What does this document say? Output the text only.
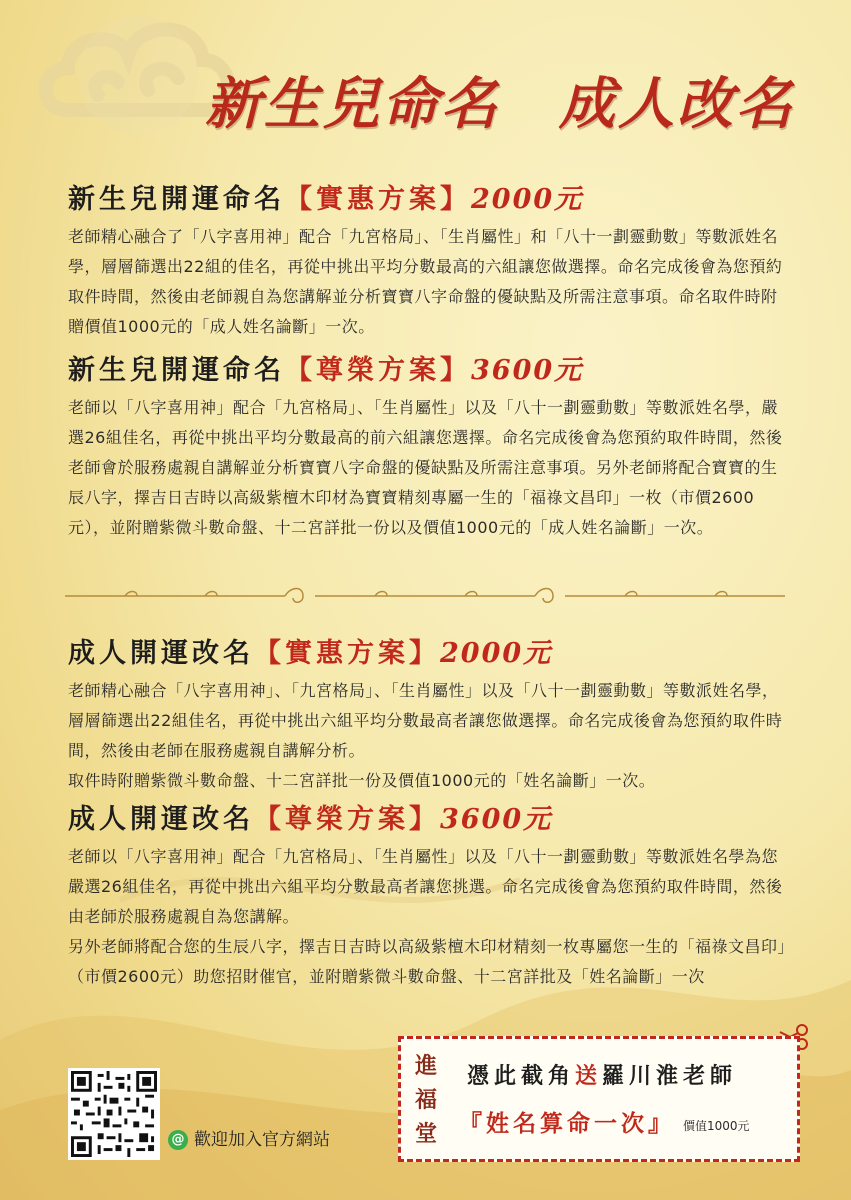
新生兒命名　成人改名
新生兒開運命名【實惠方案】2000元

老師精心融合了「八字喜用神」配合「九宮格局」、「生肖屬性」和「八十一劃靈動數」等數派姓名學，層層篩選出22組的佳名，再從中挑出平均分數最高的六組讓您做選擇。命名完成後會為您預約取件時間，然後由老師親自為您講解並分析寶寶八字命盤的優缺點及所需注意事項。命名取件時附贈價值1000元的「成人姓名論斷」一次。

新生兒開運命名【尊榮方案】3600元

老師以「八字喜用神」配合「九宮格局」、「生肖屬性」以及「八十一劃靈動數」等數派姓名學，嚴選26組佳名，再從中挑出平均分數最高的前六組讓您選擇。命名完成後會為您預約取件時間，然後老師會於服務處親自講解並分析寶寶八字命盤的優缺點及所需注意事項。另外老師將配合寶寶的生辰八字，擇吉日吉時以高級紫檀木印材為寶寶精刻專屬一生的「福祿文昌印」一枚（市價2600元），並附贈紫微斗數命盤、十二宮詳批一份以及價值1000元的「成人姓名論斷」一次。

成人開運改名【實惠方案】2000元

老師精心融合「八字喜用神」、「九宮格局」、「生肖屬性」以及「八十一劃靈動數」等數派姓名學，層層篩選出22組佳名，再從中挑出六組平均分數最高者讓您做選擇。命名完成後會為您預約取件時間，然後由老師在服務處親自講解分析。

取件時附贈紫微斗數命盤、十二宮詳批一份及價值1000元的「姓名論斷」一次。

成人開運改名【尊榮方案】3600元

老師以「八字喜用神」配合「九宮格局」、「生肖屬性」以及「八十一劃靈動數」等數派姓名學為您嚴選26組佳名，再從中挑出六組平均分數最高者讓您挑選。命名完成後會為您預約取件時間，然後由老師於服務處親自為您講解。

另外老師將配合您的生辰八字，擇吉日吉時以高級紫檀木印材精刻一枚專屬您一生的「福祿文昌印」（市價2600元）助您招財催官，並附贈紫微斗數命盤、十二宮詳批及「姓名論斷」一次

@ 歡迎加入官方網站
進福堂
憑此截角送羅川淮老師
『姓名算命一次』 價值1000元
